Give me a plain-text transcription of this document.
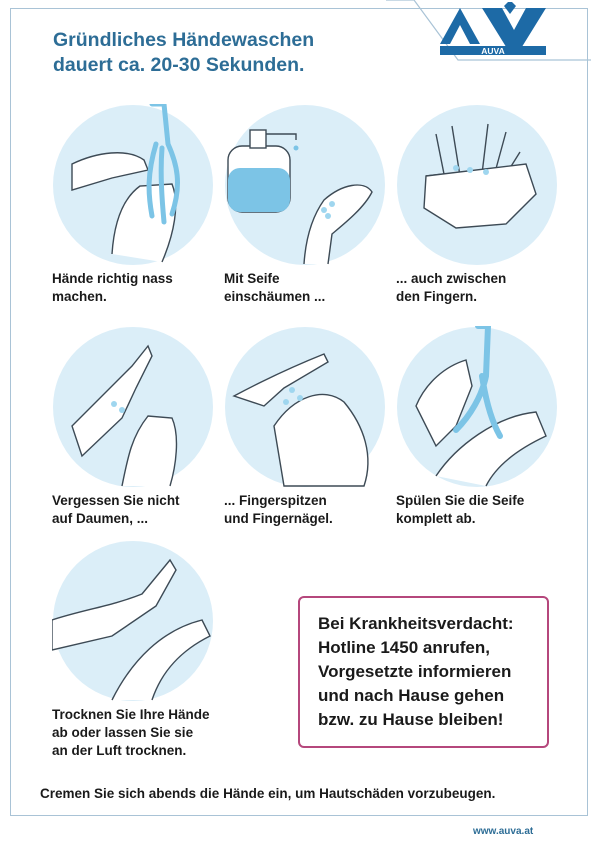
AUVA
Gründliches Händewaschen
dauert ca. 20-30 Sekunden.
Hände richtig nass
machen.
Mit Seife
einschäumen ...
... auch zwischen
den Fingern.
Vergessen Sie nicht
auf Daumen, ...
... Fingerspitzen
und Fingernägel.
Spülen Sie die Seife
komplett ab.
Trocknen Sie Ihre Hände
ab oder lassen Sie sie
an der Luft trocknen.
Bei Krankheitsverdacht:
Hotline 1450 anrufen,
Vorgesetzte informieren
und nach Hause gehen
bzw. zu Hause bleiben!
Cremen Sie sich abends die Hände ein, um Hautschäden vorzubeugen.
www.auva.at
